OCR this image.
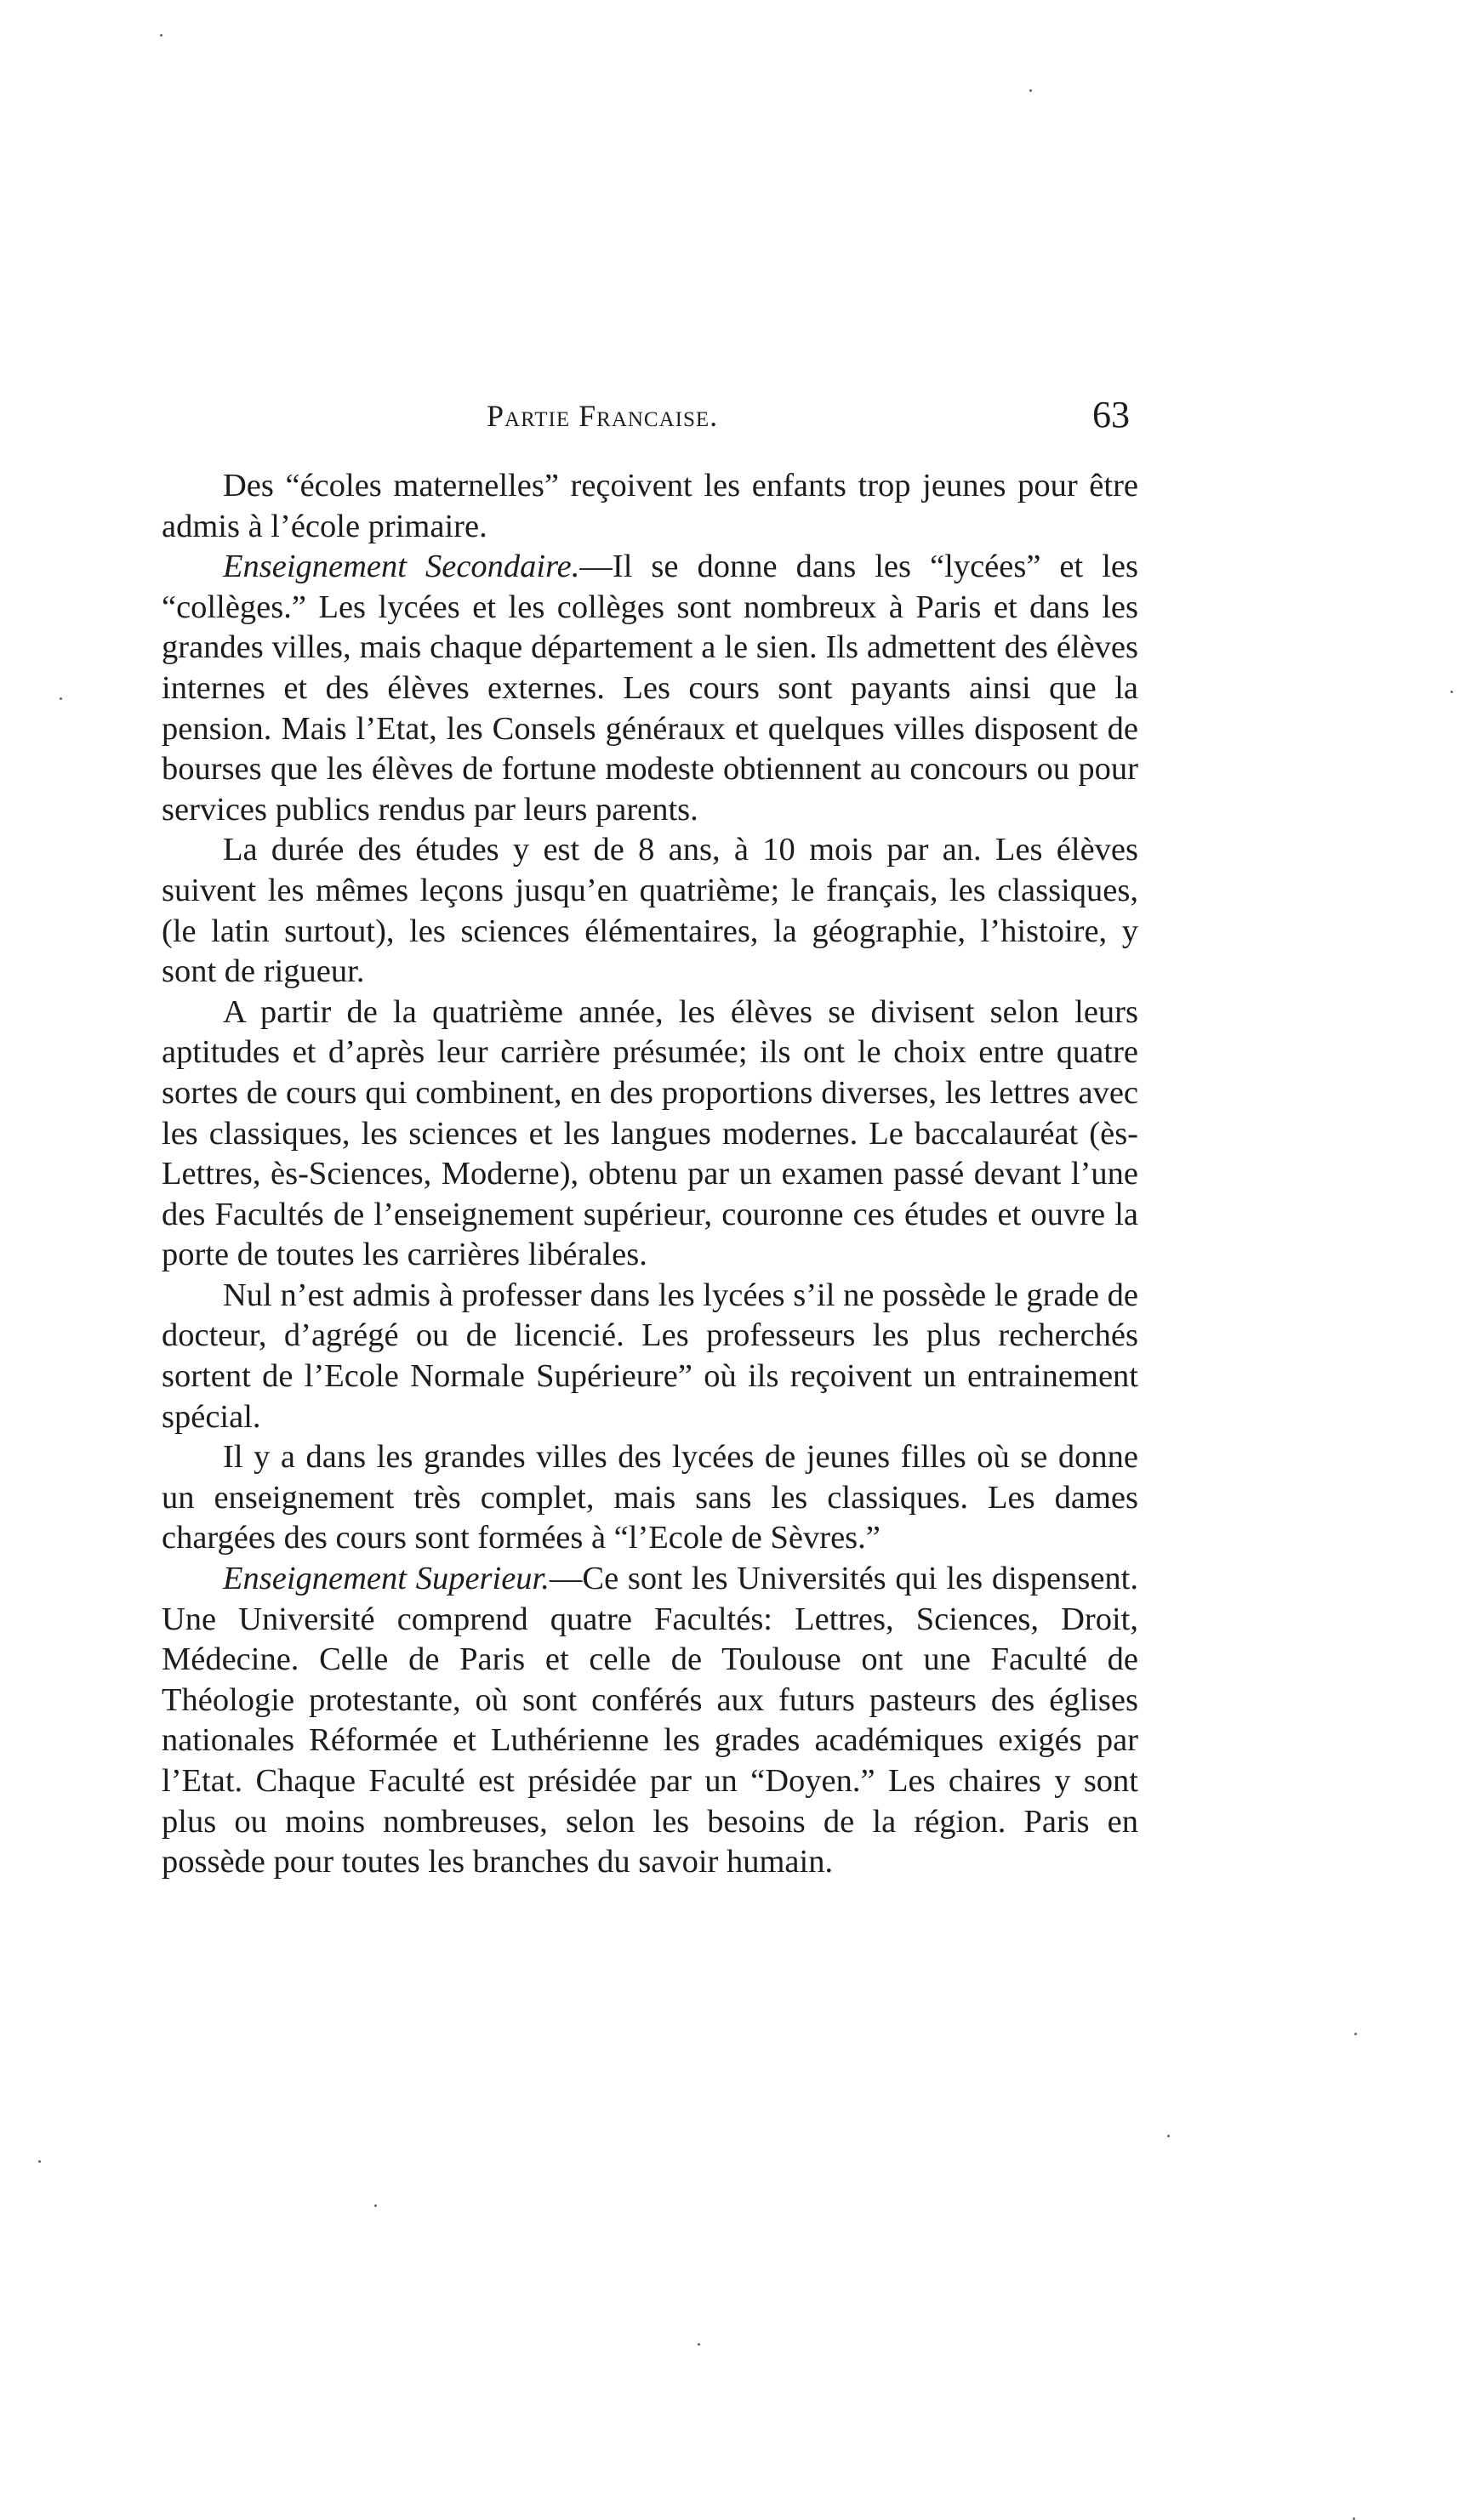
Partie Francaise.	63

Des “écoles maternelles” reçoivent les enfants trop jeunes pour être admis à l’école primaire.

Enseignement Secondaire.—Il se donne dans les “lycées” et les “collèges.” Les lycées et les collèges sont nombreux à Paris et dans les grandes villes, mais chaque département a le sien. Ils admettent des élèves internes et des élèves externes. Les cours sont payants ainsi que la pension. Mais l’Etat, les Consels généraux et quelques villes disposent de bourses que les élèves de fortune modeste obtiennent au concours ou pour services publics rendus par leurs parents.

La durée des études y est de 8 ans, à 10 mois par an. Les élèves suivent les mêmes leçons jusqu’en quatrième; le français, les classiques, (le latin surtout), les sciences élémentaires, la géographie, l’histoire, y sont de rigueur.

A partir de la quatrième année, les élèves se divisent selon leurs aptitudes et d’après leur carrière présumée; ils ont le choix entre quatre sortes de cours qui combinent, en des proportions diverses, les lettres avec les classiques, les sciences et les langues modernes. Le baccalauréat (ès-Lettres, ès-Sciences, Moderne), obtenu par un examen passé devant l’une des Facultés de l’enseignement supérieur, couronne ces études et ouvre la porte de toutes les carrières libérales.

Nul n’est admis à professer dans les lycées s’il ne possède le grade de docteur, d’agrégé ou de licencié. Les professeurs les plus recherchés sortent de l’Ecole Normale Supérieure” où ils reçoivent un entrainement spécial.

Il y a dans les grandes villes des lycées de jeunes filles où se donne un enseignement très complet, mais sans les classiques. Les dames chargées des cours sont formées à “l’Ecole de Sèvres.”

Enseignement Superieur.—Ce sont les Universités qui les dispensent. Une Université comprend quatre Facultés: Lettres, Sciences, Droit, Médecine. Celle de Paris et celle de Toulouse ont une Faculté de Théologie protestante, où sont conférés aux futurs pasteurs des églises nationales Réformée et Luthérienne les grades académiques exigés par l’Etat. Chaque Faculté est présidée par un “Doyen.” Les chaires y sont plus ou moins nombreuses, selon les besoins de la région. Paris en possède pour toutes les branches du savoir humain.
